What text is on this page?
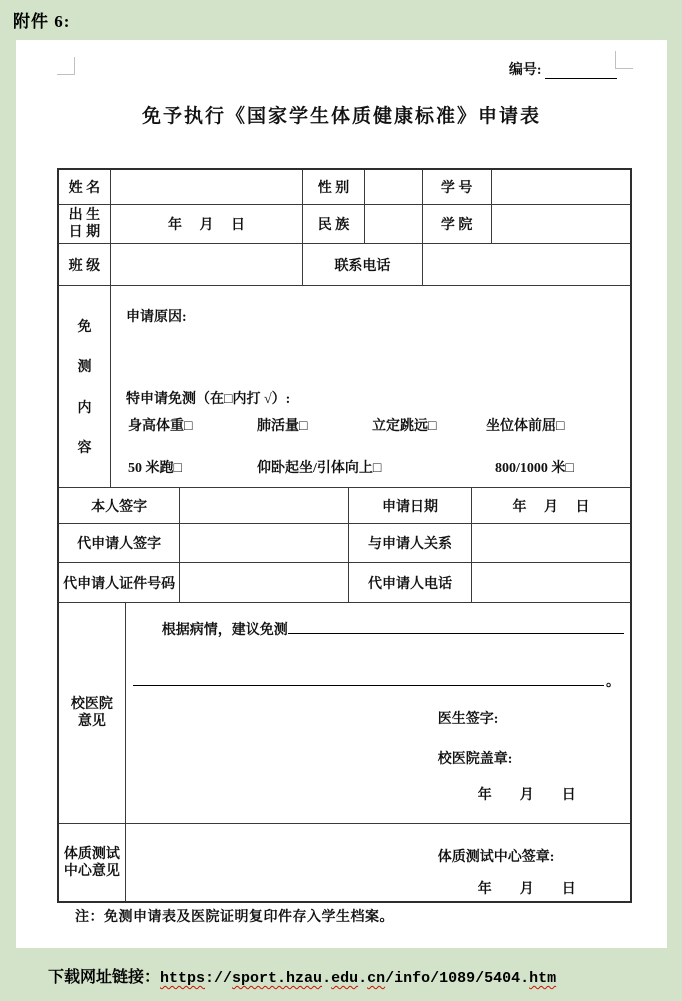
附件 6:
编号:
免予执行《国家学生体质健康标准》申请表
姓 名	性 别	学 号
出 生
日 期	年　 月　 日	民 族	学 院
班 级	联系电话
免
测
内
容
申请原因:
特申请免测（在□内打 √）:
身高体重□	肺活量□	立定跳远□	坐位体前屈□
50 米跑□	仰卧起坐/引体向上□	800/1000 米□
本人签字	申请日期	年　 月　 日
代申请人签字	与申请人关系
代申请人证件号码	代申请人电话
校医院
意见
根据病情，建议免测
。
医生签字:
校医院盖章:
年　　月　　日
体质测试
中心意见
体质测试中心签章:
年　　月　　日
注：免测申请表及医院证明复印件存入学生档案。
下载网址链接： https://sport.hzau.edu.cn/info/1089/5404.htm
